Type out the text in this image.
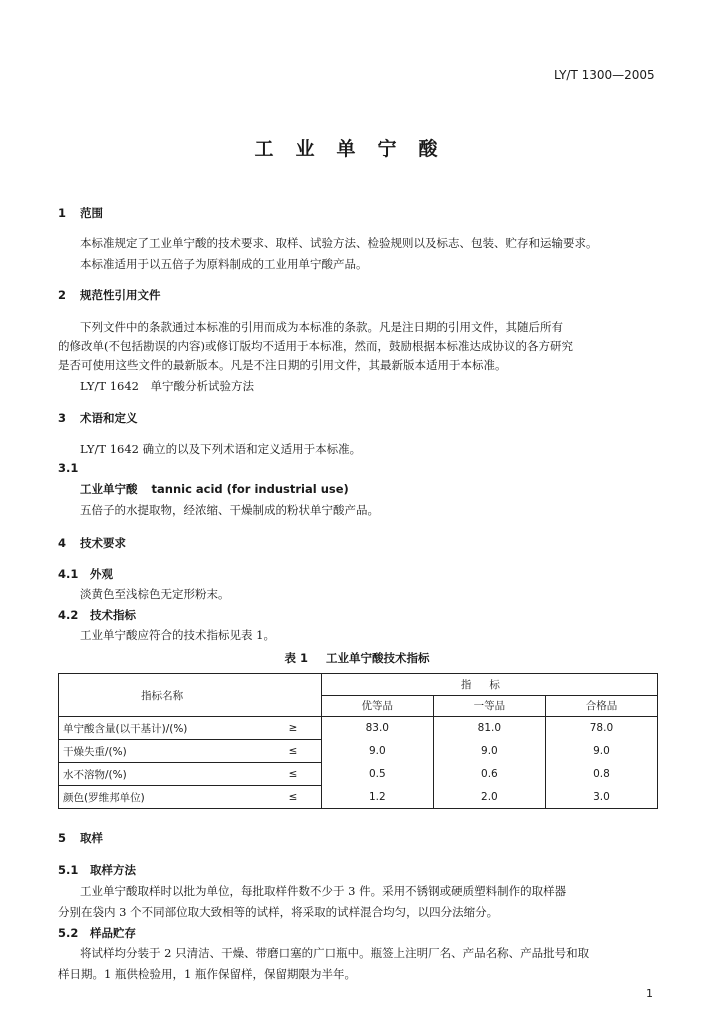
LY/T 1300—2005
工业单宁酸
1 范围
本标准规定了工业单宁酸的技术要求、取样、试验方法、检验规则以及标志、包装、贮存和运输要求。
本标准适用于以五倍子为原料制成的工业用单宁酸产品。
2 规范性引用文件
下列文件中的条款通过本标准的引用而成为本标准的条款。凡是注日期的引用文件，其随后所有
的修改单(不包括勘误的内容)或修订版均不适用于本标准，然而，鼓励根据本标准达成协议的各方研究
是否可使用这些文件的最新版本。凡是不注日期的引用文件，其最新版本适用于本标准。
LY/T 1642　单宁酸分析试验方法
3 术语和定义
LY/T 1642 确立的以及下列术语和定义适用于本标准。
3.1
工业单宁酸 tannic acid (for industrial use)
五倍子的水提取物，经浓缩、干燥制成的粉状单宁酸产品。
4 技术要求
4.1 外观
淡黄色至浅棕色无定形粉末。
4.2 技术指标
工业单宁酸应符合的技术指标见表 1。
表 1 工业单宁酸技术指标
指标名称		指标		
		优等品	一等品	合格品
单宁酸含量(以干基计)/(%)	≥	83.0	81.0	78.0
干燥失重/(%)	≤	9.0	9.0	9.0
水不溶物/(%)	≤	0.5	0.6	0.8
颜色(罗维邦单位)	≤	1.2	2.0	3.0
5 取样
5.1 取样方法
工业单宁酸取样时以批为单位，每批取样件数不少于 3 件。采用不锈钢或硬质塑料制作的取样器
分别在袋内 3 个不同部位取大致相等的试样，将采取的试样混合均匀，以四分法缩分。
5.2 样品贮存
将试样均分装于 2 只清洁、干燥、带磨口塞的广口瓶中。瓶签上注明厂名、产品名称、产品批号和取
样日期。1 瓶供检验用，1 瓶作保留样，保留期限为半年。
1
